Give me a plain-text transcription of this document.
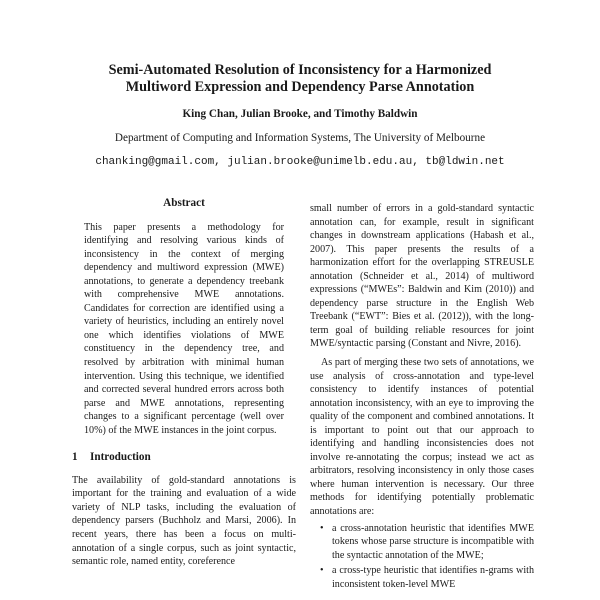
Semi-Automated Resolution of Inconsistency for a Harmonized
Multiword Expression and Dependency Parse Annotation
King Chan, Julian Brooke, and Timothy Baldwin
Department of Computing and Information Systems, The University of Melbourne
chanking@gmail.com, julian.brooke@unimelb.edu.au, tb@ldwin.net
Abstract

This paper presents a methodology for identifying and resolving various kinds of inconsistency in the context of merging dependency and multiword expression (MWE) annotations, to generate a dependency treebank with comprehensive MWE annotations. Candidates for correction are identified using a variety of heuristics, including an entirely novel one which identifies violations of MWE constituency in the dependency tree, and resolved by arbitration with minimal human intervention. Using this technique, we identified and corrected several hundred errors across both parse and MWE annotations, representing changes to a significant percentage (well over 10%) of the MWE instances in the joint corpus.

1 Introduction

The availability of gold-standard annotations is important for the training and evaluation of a wide variety of NLP tasks, including the evaluation of dependency parsers (Buchholz and Marsi, 2006). In recent years, there has been a focus on multi-annotation of a single corpus, such as joint syntactic, semantic role, named entity, coreference

small number of errors in a gold-standard syntactic annotation can, for example, result in significant changes in downstream applications (Habash et al., 2007). This paper presents the results of a harmonization effort for the overlapping STREUSLE annotation (Schneider et al., 2014) of multiword expressions (“MWEs”: Baldwin and Kim (2010)) and dependency parse structure in the English Web Treebank (“EWT”: Bies et al. (2012)), with the long-term goal of building reliable resources for joint MWE/syntactic parsing (Constant and Nivre, 2016).

As part of merging these two sets of annotations, we use analysis of cross-annotation and type-level consistency to identify instances of potential annotation inconsistency, with an eye to improving the quality of the component and combined annotations. It is important to point out that our approach to identifying and handling inconsistencies does not involve re-annotating the corpus; instead we act as arbitrators, resolving inconsistency in only those cases where human intervention is necessary. Our three methods for identifying potentially problematic annotations are:

• a cross-annotation heuristic that identifies MWE tokens whose parse structure is incompatible with the syntactic annotation of the MWE;
• a cross-type heuristic that identifies n-grams with inconsistent token-level MWE
